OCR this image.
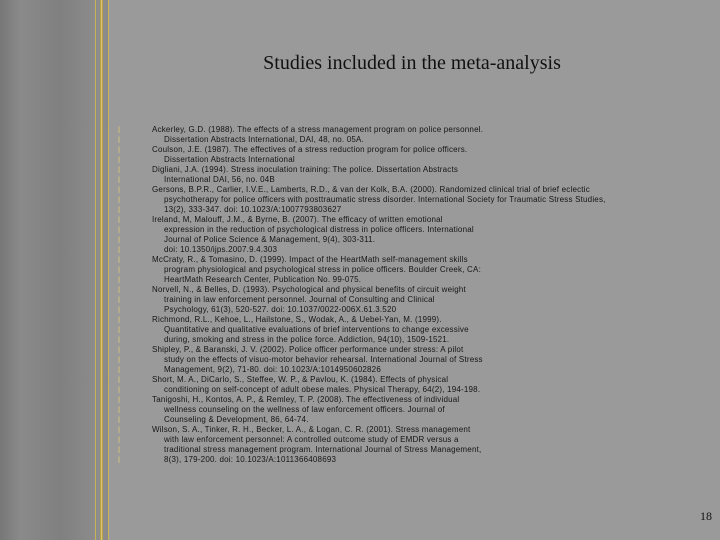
Studies included in the meta-analysis
l	Ackerley, G.D. (1988). The effects of a stress management program on police personnel.
l	Dissertation Abstracts International, DAI, 48, no. 05A.
l	Coulson, J.E. (1987). The effectives of a stress reduction program for police officers.
l	Dissertation Abstracts International
l	Digliani, J.A. (1994). Stress inoculation training: The police. Dissertation Abstracts
l	International DAI, 56, no. 04B
l	Gersons, B.P.R., Carlier, I.V.E., Lamberts, R.D., & van der Kolk, B.A. (2000). Randomized clinical trial of brief eclectic
l	psychotherapy for police officers with posttraumatic stress disorder. International Society for Traumatic Stress Studies,
l	13(2), 333-347. doi: 10.1023/A:1007793803627
l	Ireland, M, Malouff, J.M., & Byrne, B. (2007). The efficacy of written emotional
l	expression in the reduction of psychological distress in police officers. International
l	Journal of Police Science & Management, 9(4), 303-311.
l	doi: 10.1350/ijps.2007.9.4.303
l	McCraty, R., & Tomasino, D. (1999). Impact of the HeartMath self-management skills
l	program physiological and psychological stress in police officers. Boulder Creek, CA:
l	HeartMath Research Center, Publication No. 99-075.
l	Norvell, N., & Belles, D. (1993). Psychological and physical benefits of circuit weight
l	training in law enforcement personnel. Journal of Consulting and Clinical
l	Psychology, 61(3), 520-527. doi: 10.1037/0022-006X.61.3.520
l	Richmond, R.L., Kehoe, L., Hailstone, S., Wodak, A., & Uebel-Yan, M. (1999).
l	Quantitative and qualitative evaluations of brief interventions to change excessive
l	during, smoking and stress in the police force. Addiction, 94(10), 1509-1521.
l	Shipley, P., & Baranski, J. V. (2002). Police officer performance under stress: A pilot
l	study on the effects of visuo-motor behavior rehearsal. International Journal of Stress
l	Management, 9(2), 71-80. doi: 10.1023/A:1014950602826
l	Short, M. A., DiCarlo, S., Steffee, W. P., & Pavlou, K. (1984). Effects of physical
l	conditioning on self-concept of adult obese males. Physical Therapy, 64(2), 194-198.
l	Tanigoshi, H., Kontos, A. P., & Remley, T. P. (2008). The effectiveness of individual
l	wellness counseling on the wellness of law enforcement officers. Journal of
l	Counseling & Development, 86, 64-74.
l	Wilson, S. A., Tinker, R. H., Becker, L. A., & Logan, C. R. (2001). Stress management
l	with law enforcement personnel: A controlled outcome study of EMDR versus a
l	traditional stress management program. International Journal of Stress Management,
l	8(3), 179-200. doi: 10.1023/A:1011366408693
18
